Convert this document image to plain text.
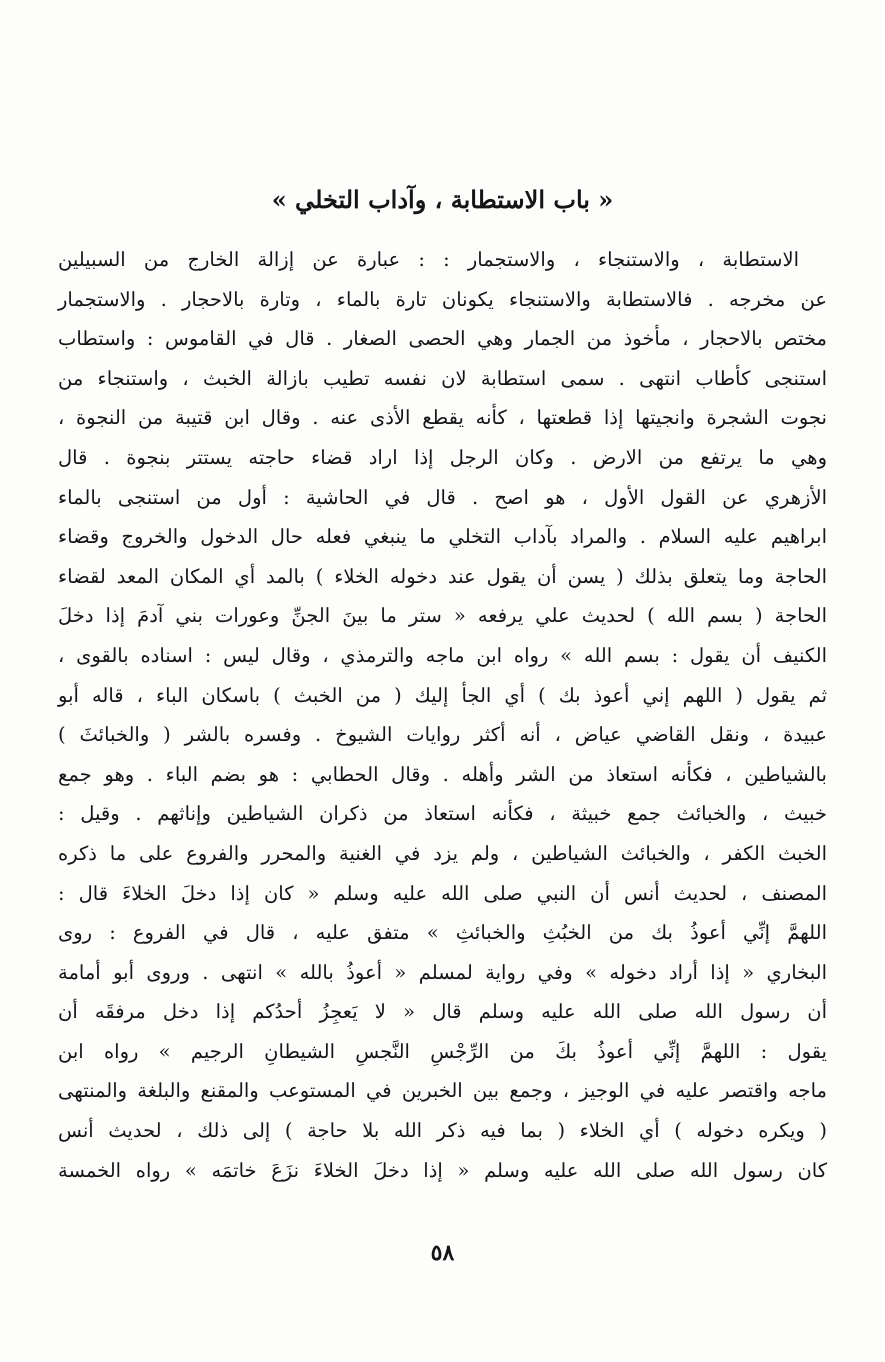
« باب الاستطابة ، وآداب التخلي »
الاستطابة ، والاستنجاء ، والاستجمار : : عبارة عن إزالة الخارج من السبيلين
عن مخرجه . فالاستطابة والاستنجاء يكونان تارة بالماء ، وتارة بالاحجار . والاستجمار
مختص بالاحجار ، مأخوذ من الجمار وهي الحصى الصغار . قال في القاموس : واستطاب
استنجى كأطاب انتهى . سمى استطابة لان نفسه تطيب بازالة الخبث ، واستنجاء من
نجوت الشجرة وانجيتها إذا قطعتها ، كأنه يقطع الأذى عنه . وقال ابن قتيبة من النجوة ،
وهي ما يرتفع من الارض . وكان الرجل إذا اراد قضاء حاجته يستتر بنجوة . قال
الأزهري عن القول الأول ، هو اصح . قال في الحاشية : أول من استنجى بالماء
ابراهيم عليه السلام . والمراد بآداب التخلي ما ينبغي فعله حال الدخول والخروج وقضاء
الحاجة وما يتعلق بذلك ( يسن أن يقول عند دخوله الخلاء ) بالمد أي المكان المعد لقضاء
الحاجة ( بسم الله ) لحديث علي يرفعه « ستر ما بينَ الجنِّ وعورات بني آدمَ إذا دخلَ
الكنيف أن يقول : بسم الله » رواه ابن ماجه والترمذي ، وقال ليس : اسناده بالقوى ،
ثم يقول ( اللهم إني أعوذ بك ) أي الجأ إليك ( من الخبث ) باسكان الباء ، قاله أبو
عبيدة ، ونقل القاضي عياض ، أنه أكثر روايات الشيوخ . وفسره بالشر ( والخبائثَ )
بالشياطين ، فكأنه استعاذ من الشر وأهله . وقال الحطابي : هو بضم الباء . وهو جمع
خبيث ، والخبائث جمع خبيثة ، فكأنه استعاذ من ذكران الشياطين وإناثهم . وقيل :
الخبث الكفر ، والخبائث الشياطين ، ولم يزد في الغنية والمحرر والفروع على ما ذكره
المصنف ، لحديث أنس أن النبي صلى الله عليه وسلم « كان إذا دخلَ الخلاءَ قال :
اللهمَّ إنِّي أعوذُ بك من الخبُثِ والخبائثِ » متفق عليه ، قال في الفروع : روى
البخاري « إذا أراد دخوله » وفي رواية لمسلم « أعوذُ بالله » انتهى . وروى أبو أمامة
أن رسول الله صلى الله عليه وسلم قال « لا يَعجِزُ أحدُكم إذا دخل مرفقَه أن
يقول : اللهمَّ إنِّي أعوذُ بكَ من الرِّجْسِ النَّجسِ الشيطانِ الرجيم » رواه ابن
ماجه واقتصر عليه في الوجيز ، وجمع بين الخبرين في المستوعب والمقنع والبلغة والمنتهى
( ويكره دخوله ) أي الخلاء ( بما فيه ذكر الله بلا حاجة ) إلى ذلك ، لحديث أنس
كان رسول الله صلى الله عليه وسلم « إذا دخلَ الخلاءَ نزَعَ خاتمَه » رواه الخمسة
٥٨
